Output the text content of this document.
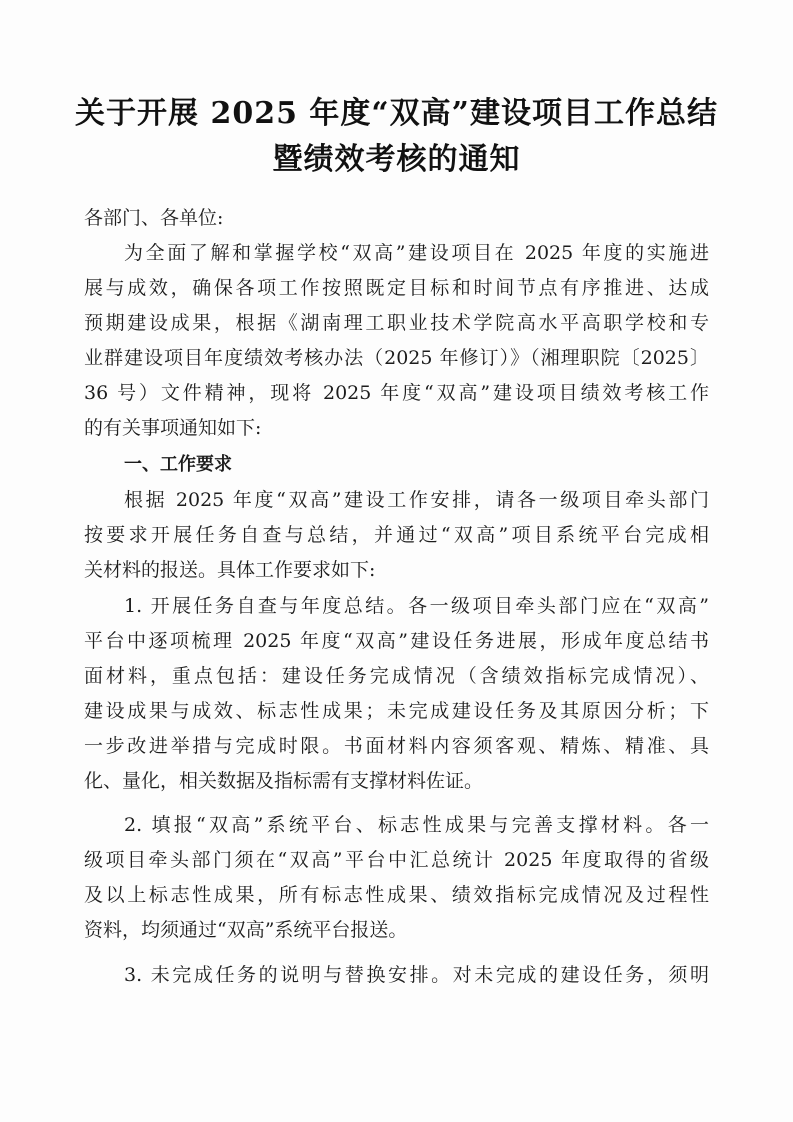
关于开展 2025 年度“双高”建设项目工作总结
暨绩效考核的通知
各部门、各单位:
为全面了解和掌握学校“双高”建设项目在 2025 年度的实施进
展与成效，确保各项工作按照既定目标和时间节点有序推进、达成
预期建设成果，根据《湖南理工职业技术学院高水平高职学校和专
业群建设项目年度绩效考核办法（2025 年修订）》（湘理职院〔2025〕
36 号）文件精神，现将 2025 年度“双高”建设项目绩效考核工作
的有关事项通知如下:
一、工作要求
根据 2025 年度“双高”建设工作安排，请各一级项目牵头部门
按要求开展任务自查与总结，并通过“双高”项目系统平台完成相
关材料的报送。具体工作要求如下:
1. 开展任务自查与年度总结。各一级项目牵头部门应在“双高”
平台中逐项梳理 2025 年度“双高”建设任务进展，形成年度总结书
面材料，重点包括：建设任务完成情况（含绩效指标完成情况）、
建设成果与成效、标志性成果；未完成建设任务及其原因分析；下
一步改进举措与完成时限。书面材料内容须客观、精炼、精准、具
化、量化，相关数据及指标需有支撑材料佐证。
2. 填报“双高”系统平台、标志性成果与完善支撑材料。各一
级项目牵头部门须在“双高”平台中汇总统计 2025 年度取得的省级
及以上标志性成果，所有标志性成果、绩效指标完成情况及过程性
资料，均须通过“双高”系统平台报送。
3. 未完成任务的说明与替换安排。对未完成的建设任务，须明
